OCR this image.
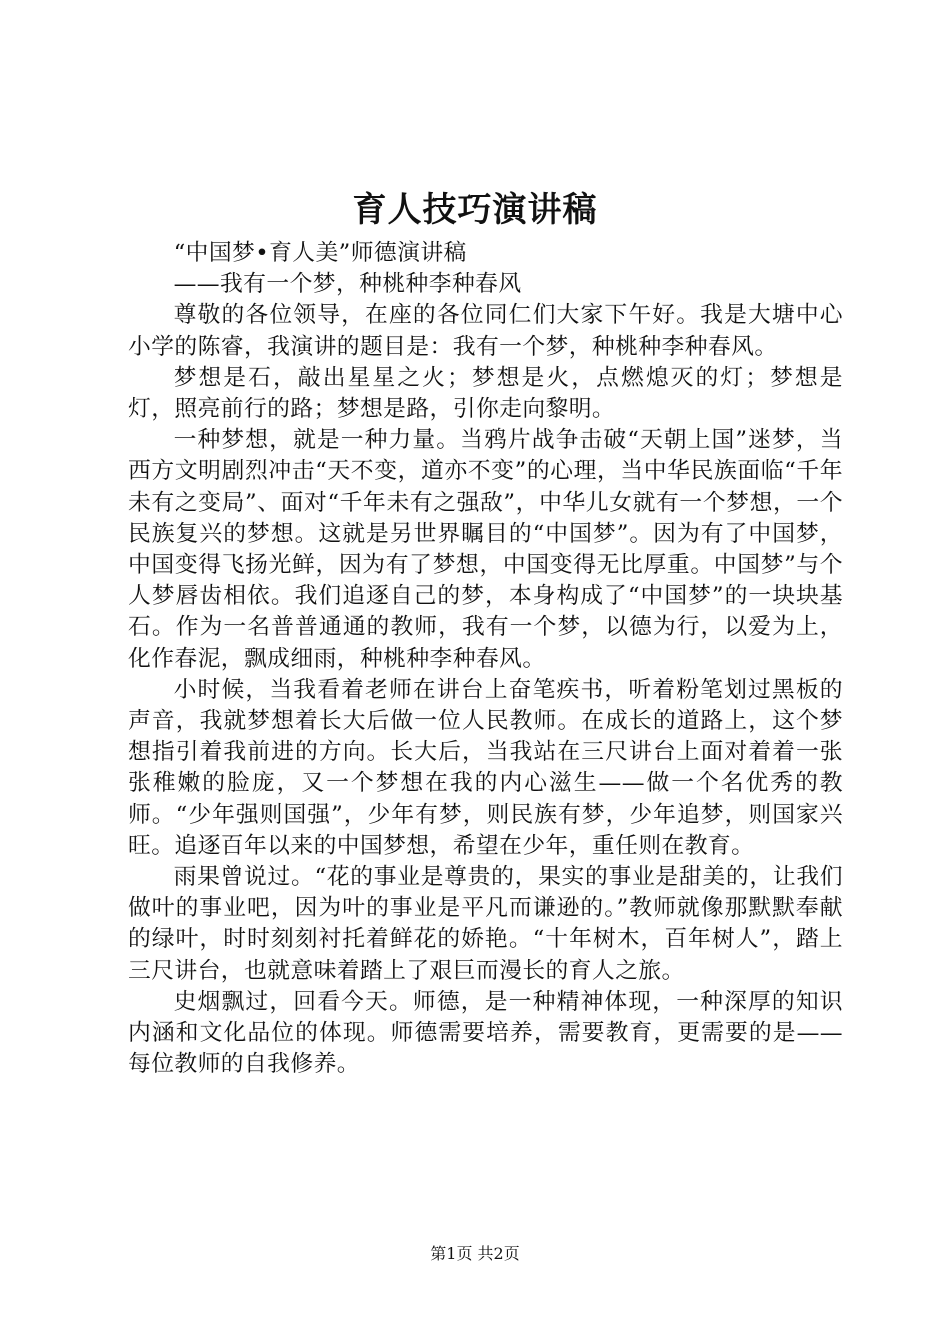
育人技巧演讲稿

“中国梦•育人美”师德演讲稿

——我有一个梦，种桃种李种春风

尊敬的各位领导，在座的各位同仁们大家下午好。我是大塘中心小学的陈睿，我演讲的题目是：我有一个梦，种桃种李种春风。

梦想是石，敲出星星之火；梦想是火，点燃熄灭的灯；梦想是灯，照亮前行的路；梦想是路，引你走向黎明。

一种梦想，就是一种力量。当鸦片战争击破“天朝上国”迷梦，当西方文明剧烈冲击“天不变，道亦不变”的心理，当中华民族面临“千年未有之变局”、面对“千年未有之强敌”，中华儿女就有一个梦想，一个民族复兴的梦想。这就是另世界瞩目的“中国梦”。因为有了中国梦，中国变得飞扬光鲜，因为有了梦想，中国变得无比厚重。中国梦”与个人梦唇齿相依。我们追逐自己的梦，本身构成了“中国梦”的一块块基石。作为一名普普通通的教师，我有一个梦，以德为行，以爱为上，化作春泥，飘成细雨，种桃种李种春风。

小时候，当我看着老师在讲台上奋笔疾书，听着粉笔划过黑板的声音，我就梦想着长大后做一位人民教师。在成长的道路上，这个梦想指引着我前进的方向。长大后，当我站在三尺讲台上面对着着一张张稚嫩的脸庞，又一个梦想在我的内心滋生——做一个名优秀的教师。“少年强则国强”，少年有梦，则民族有梦，少年追梦，则国家兴旺。追逐百年以来的中国梦想，希望在少年，重任则在教育。

雨果曾说过。“花的事业是尊贵的，果实的事业是甜美的，让我们做叶的事业吧，因为叶的事业是平凡而谦逊的。”教师就像那默默奉献的绿叶，时时刻刻衬托着鲜花的娇艳。“十年树木，百年树人”，踏上三尺讲台，也就意味着踏上了艰巨而漫长的育人之旅。

史烟飘过，回看今天。师德，是一种精神体现，一种深厚的知识内涵和文化品位的体现。师德需要培养，需要教育，更需要的是——每位教师的自我修养。

第1页 共2页
